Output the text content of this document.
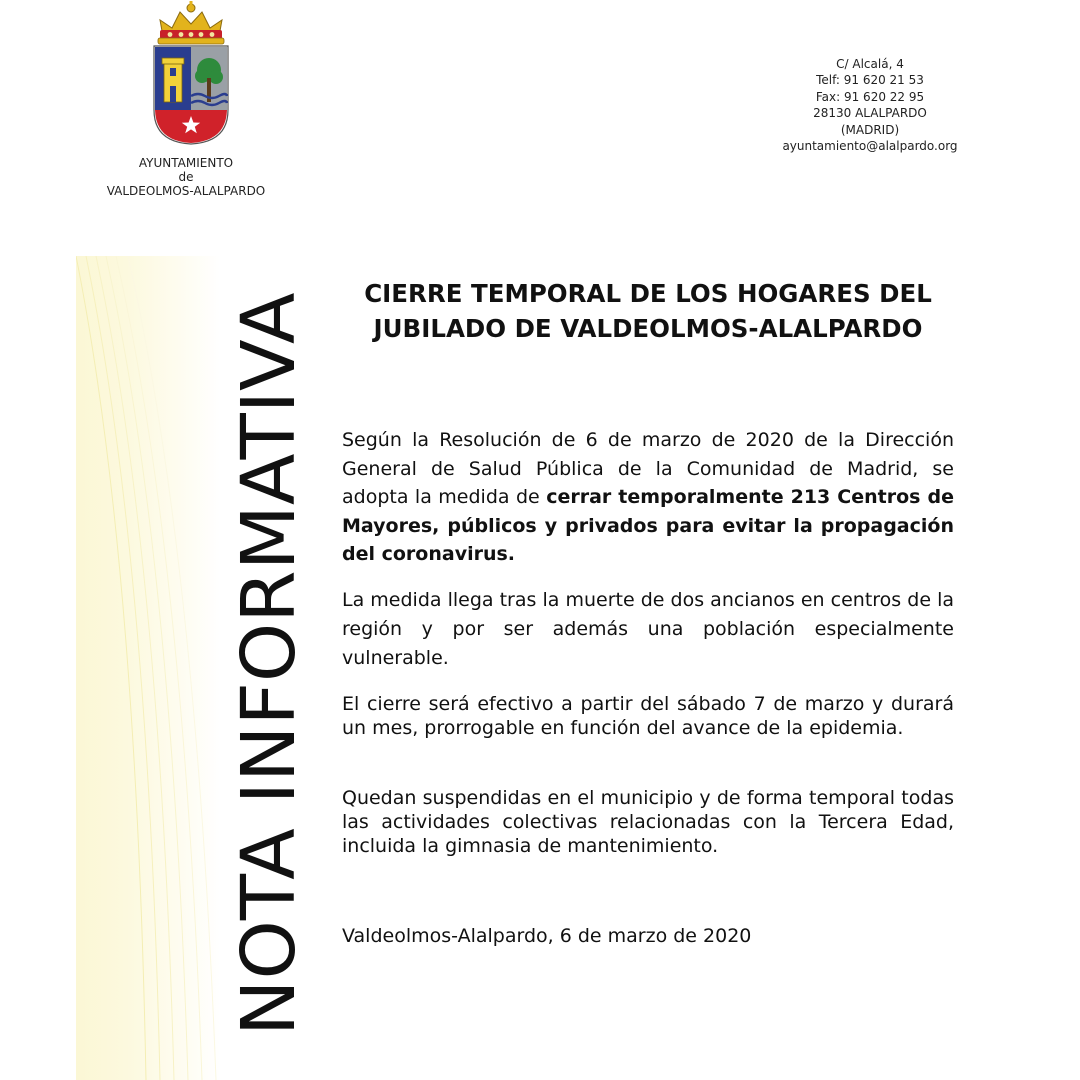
AYUNTAMIENTO
de
VALDEOLMOS-ALALPARDO
C/ Alcalá, 4
Telf: 91 620 21 53
Fax: 91 620 22 95
28130 ALALPARDO
(MADRID)
ayuntamiento@alalpardo.org
NOTA INFORMATIVA	CIERRE TEMPORAL DE LOS HOGARES DEL
JUBILADO DE VALDEOLMOS-ALALPARDO

Según la Resolución de 6 de marzo de 2020 de la Dirección General de Salud Pública de la Comunidad de Madrid, se adopta la medida de cerrar temporalmente 213 Centros de Mayores, públicos y privados para evitar la propagación del coronavirus.

La medida llega tras la muerte de dos ancianos en centros de la región y por ser además una población especialmente vulnerable.

El cierre será efectivo a partir del sábado 7 de marzo y durará un mes, prorrogable en función del avance de la epidemia.

Quedan suspendidas en el municipio y de forma temporal todas las actividades colectivas relacionadas con la Tercera Edad, incluida la gimnasia de mantenimiento.

Valdeolmos-Alalpardo, 6 de marzo de 2020
